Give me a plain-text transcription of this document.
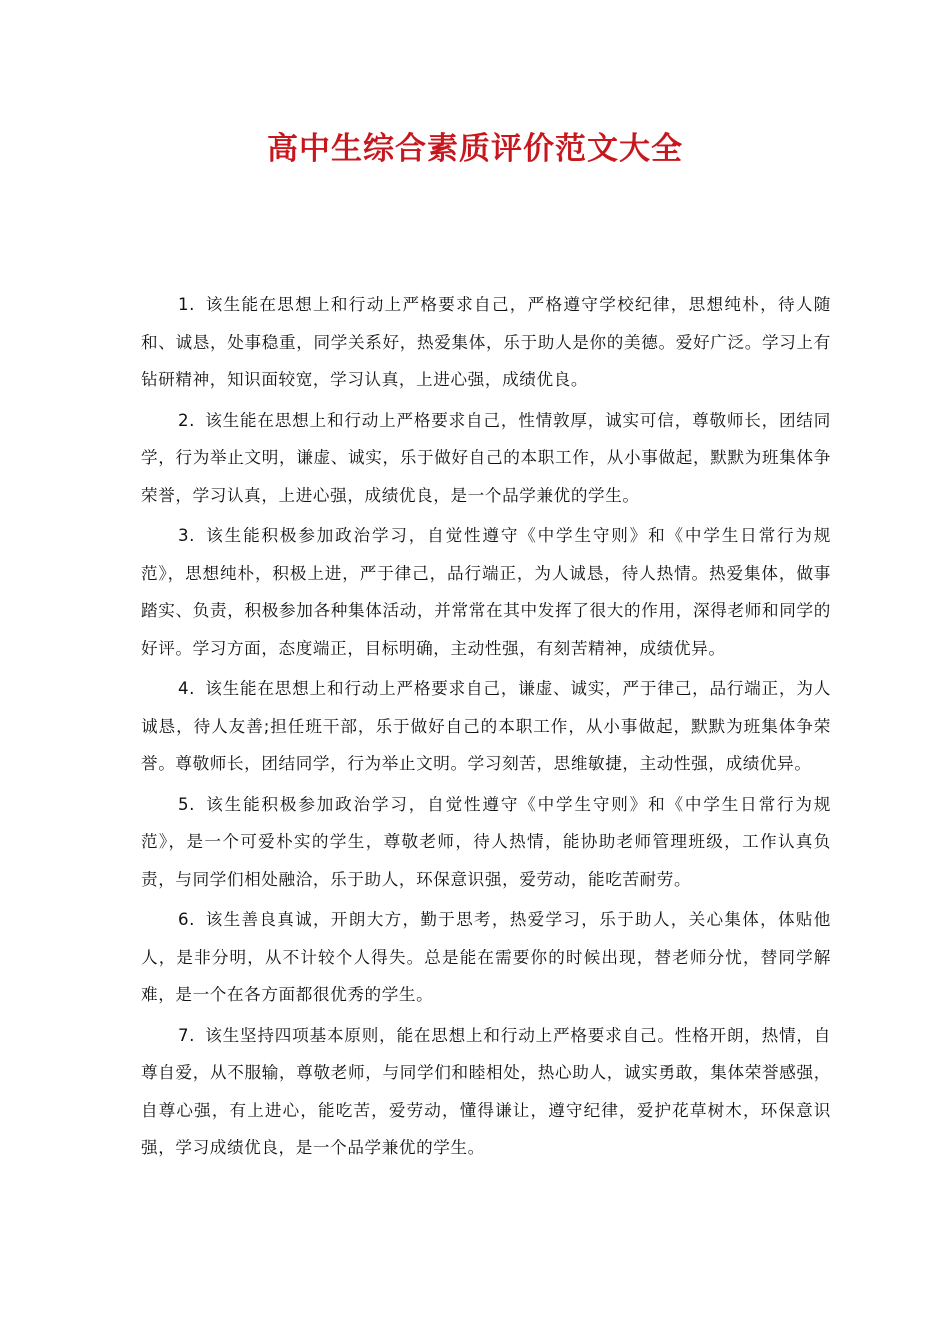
高中生综合素质评价范文大全

1. 该生能在思想上和行动上严格要求自己，严格遵守学校纪律，思想纯朴，待人随和、诚恳，处事稳重，同学关系好，热爱集体，乐于助人是你的美德。爱好广泛。学习上有钻研精神，知识面较宽，学习认真，上进心强，成绩优良。

2. 该生能在思想上和行动上严格要求自己，性情敦厚，诚实可信，尊敬师长，团结同学，行为举止文明，谦虚、诚实，乐于做好自己的本职工作，从小事做起，默默为班集体争荣誉，学习认真，上进心强，成绩优良，是一个品学兼优的学生。

3. 该生能积极参加政治学习，自觉性遵守《中学生守则》和《中学生日常行为规范》，思想纯朴，积极上进，严于律己，品行端正，为人诚恳，待人热情。热爱集体，做事踏实、负责，积极参加各种集体活动，并常常在其中发挥了很大的作用，深得老师和同学的好评。学习方面，态度端正，目标明确，主动性强，有刻苦精神，成绩优异。

4. 该生能在思想上和行动上严格要求自己，谦虚、诚实，严于律己，品行端正，为人诚恳，待人友善;担任班干部，乐于做好自己的本职工作，从小事做起，默默为班集体争荣誉。尊敬师长，团结同学，行为举止文明。学习刻苦，思维敏捷，主动性强，成绩优异。

5. 该生能积极参加政治学习，自觉性遵守《中学生守则》和《中学生日常行为规范》，是一个可爱朴实的学生，尊敬老师，待人热情，能协助老师管理班级，工作认真负责，与同学们相处融洽，乐于助人，环保意识强，爱劳动，能吃苦耐劳。

6. 该生善良真诚，开朗大方，勤于思考，热爱学习，乐于助人，关心集体，体贴他人，是非分明，从不计较个人得失。总是能在需要你的时候出现，替老师分忧，替同学解难，是一个在各方面都很优秀的学生。

7. 该生坚持四项基本原则，能在思想上和行动上严格要求自己。性格开朗，热情，自尊自爱，从不服输，尊敬老师，与同学们和睦相处，热心助人，诚实勇敢，集体荣誉感强，自尊心强，有上进心，能吃苦，爱劳动，懂得谦让，遵守纪律，爱护花草树木，环保意识强，学习成绩优良，是一个品学兼优的学生。
